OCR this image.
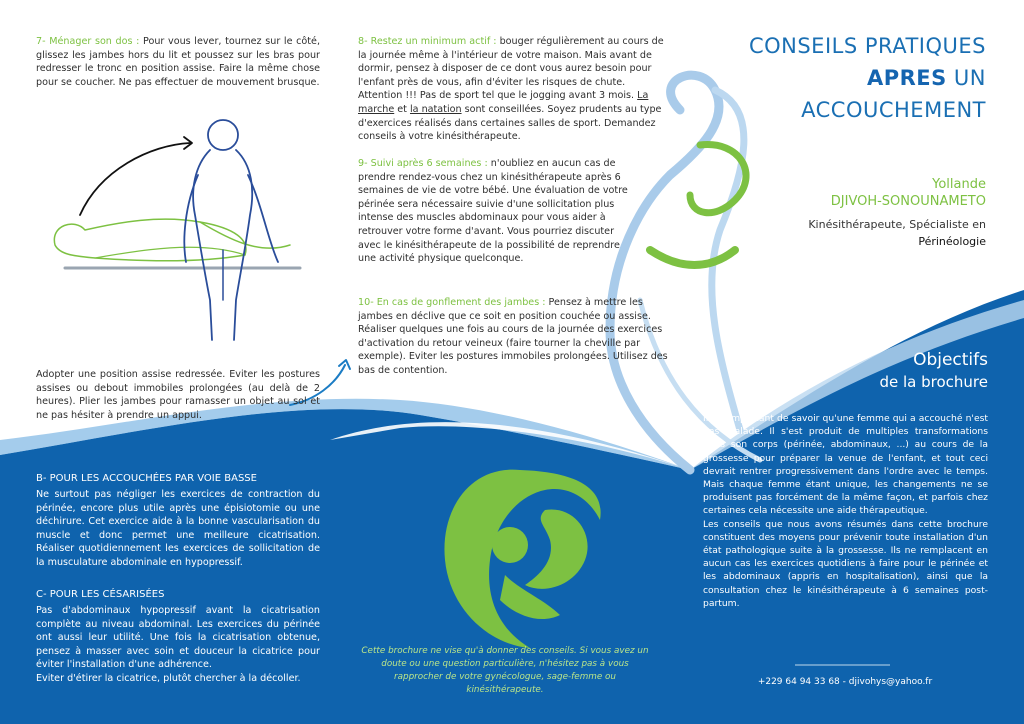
7- Ménager son dos : Pour vous lever, tournez sur le côté, glissez les jambes hors du lit et poussez sur les bras pour redresser le tronc en position assise. Faire la même chose pour se coucher. Ne pas effectuer de mouvement brusque.
Adopter une position assise redressée. Eviter les postures assises ou debout immobiles prolongées (au delà de 2 heures). Plier les jambes pour ramasser un objet au sol et ne pas hésiter à prendre un appui.
8- Restez un minimum actif : bouger régulièrement au cours de la journée même à l'intérieur de votre maison. Mais avant de dormir, pensez à disposer de ce dont vous aurez besoin pour l'enfant près de vous, afin d'éviter les risques de chute. Attention !!! Pas de sport tel que le jogging avant 3 mois. La marche et la natation sont conseillées. Soyez prudents au type d'exercices réalisés dans certaines salles de sport. Demandez conseils à votre kinésithérapeute.
9- Suivi après 6 semaines : n'oubliez en aucun cas de prendre rendez-vous chez un kinésithérapeute après 6 semaines de vie de votre bébé. Une évaluation de votre périnée sera nécessaire suivie d'une sollicitation plus intense des muscles abdominaux pour vous aider à retrouver votre forme d'avant. Vous pourriez discuter avec le kinésithérapeute de la possibilité de reprendre une activité physique quelconque.
10- En cas de gonflement des jambes : Pensez à mettre les jambes en déclive que ce soit en position couchée ou assise. Réaliser quelques une fois au cours de la journée des exercices d'activation du retour veineux (faire tourner la cheville par exemple). Eviter les postures immobiles prolongées. Utilisez des bas de contention.
CONSEILS PRATIQUES
APRES UN
ACCOUCHEMENT
Yollande
DJIVOH-SONOUNAMETO
Kinésithérapeute, Spécialiste en
Périnéologie
Objectifs
de la brochure
Il est important de savoir qu'une femme qui a accouché n'est pas malade. Il s'est produit de multiples transformations dans son corps (périnée, abdominaux, ...) au cours de la grossesse pour préparer la venue de l'enfant, et tout ceci devrait rentrer progressivement dans l'ordre avec le temps. Mais chaque femme étant unique, les changements ne se produisent pas forcément de la même façon, et parfois chez certaines cela nécessite une aide thérapeutique.
Les conseils que nous avons résumés dans cette brochure constituent des moyens pour prévenir toute installation d'un état pathologique suite à la grossesse. Ils ne remplacent en aucun cas les exercices quotidiens à faire pour le périnée et les abdominaux (appris en hospitalisation), ainsi que la consultation chez le kinésithérapeute à 6 semaines post-partum.
B- POUR LES ACCOUCHÉES PAR VOIE BASSE
Ne surtout pas négliger les exercices de contraction du périnée, encore plus utile après une épisiotomie ou une déchirure. Cet exercice aide à la bonne vascularisation du muscle et donc permet une meilleure cicatrisation. Réaliser quotidiennement les exercices de sollicitation de la musculature abdominale en hypopressif.
C- POUR LES CÉSARISÉES
Pas d'abdominaux hypopressif avant la cicatrisation complète au niveau abdominal. Les exercices du périnée ont aussi leur utilité. Une fois la cicatrisation obtenue, pensez à masser avec soin et douceur la cicatrice pour éviter l'installation d'une adhérence.
Eviter d'étirer la cicatrice, plutôt chercher à la décoller.
Cette brochure ne vise qu'à donner des conseils. Si vous avez un doute ou une question particulière, n'hésitez pas à vous rapprocher de votre gynécologue, sage-femme ou kinésithérapeute.
+229 64 94 33 68 - djivohys@yahoo.fr
